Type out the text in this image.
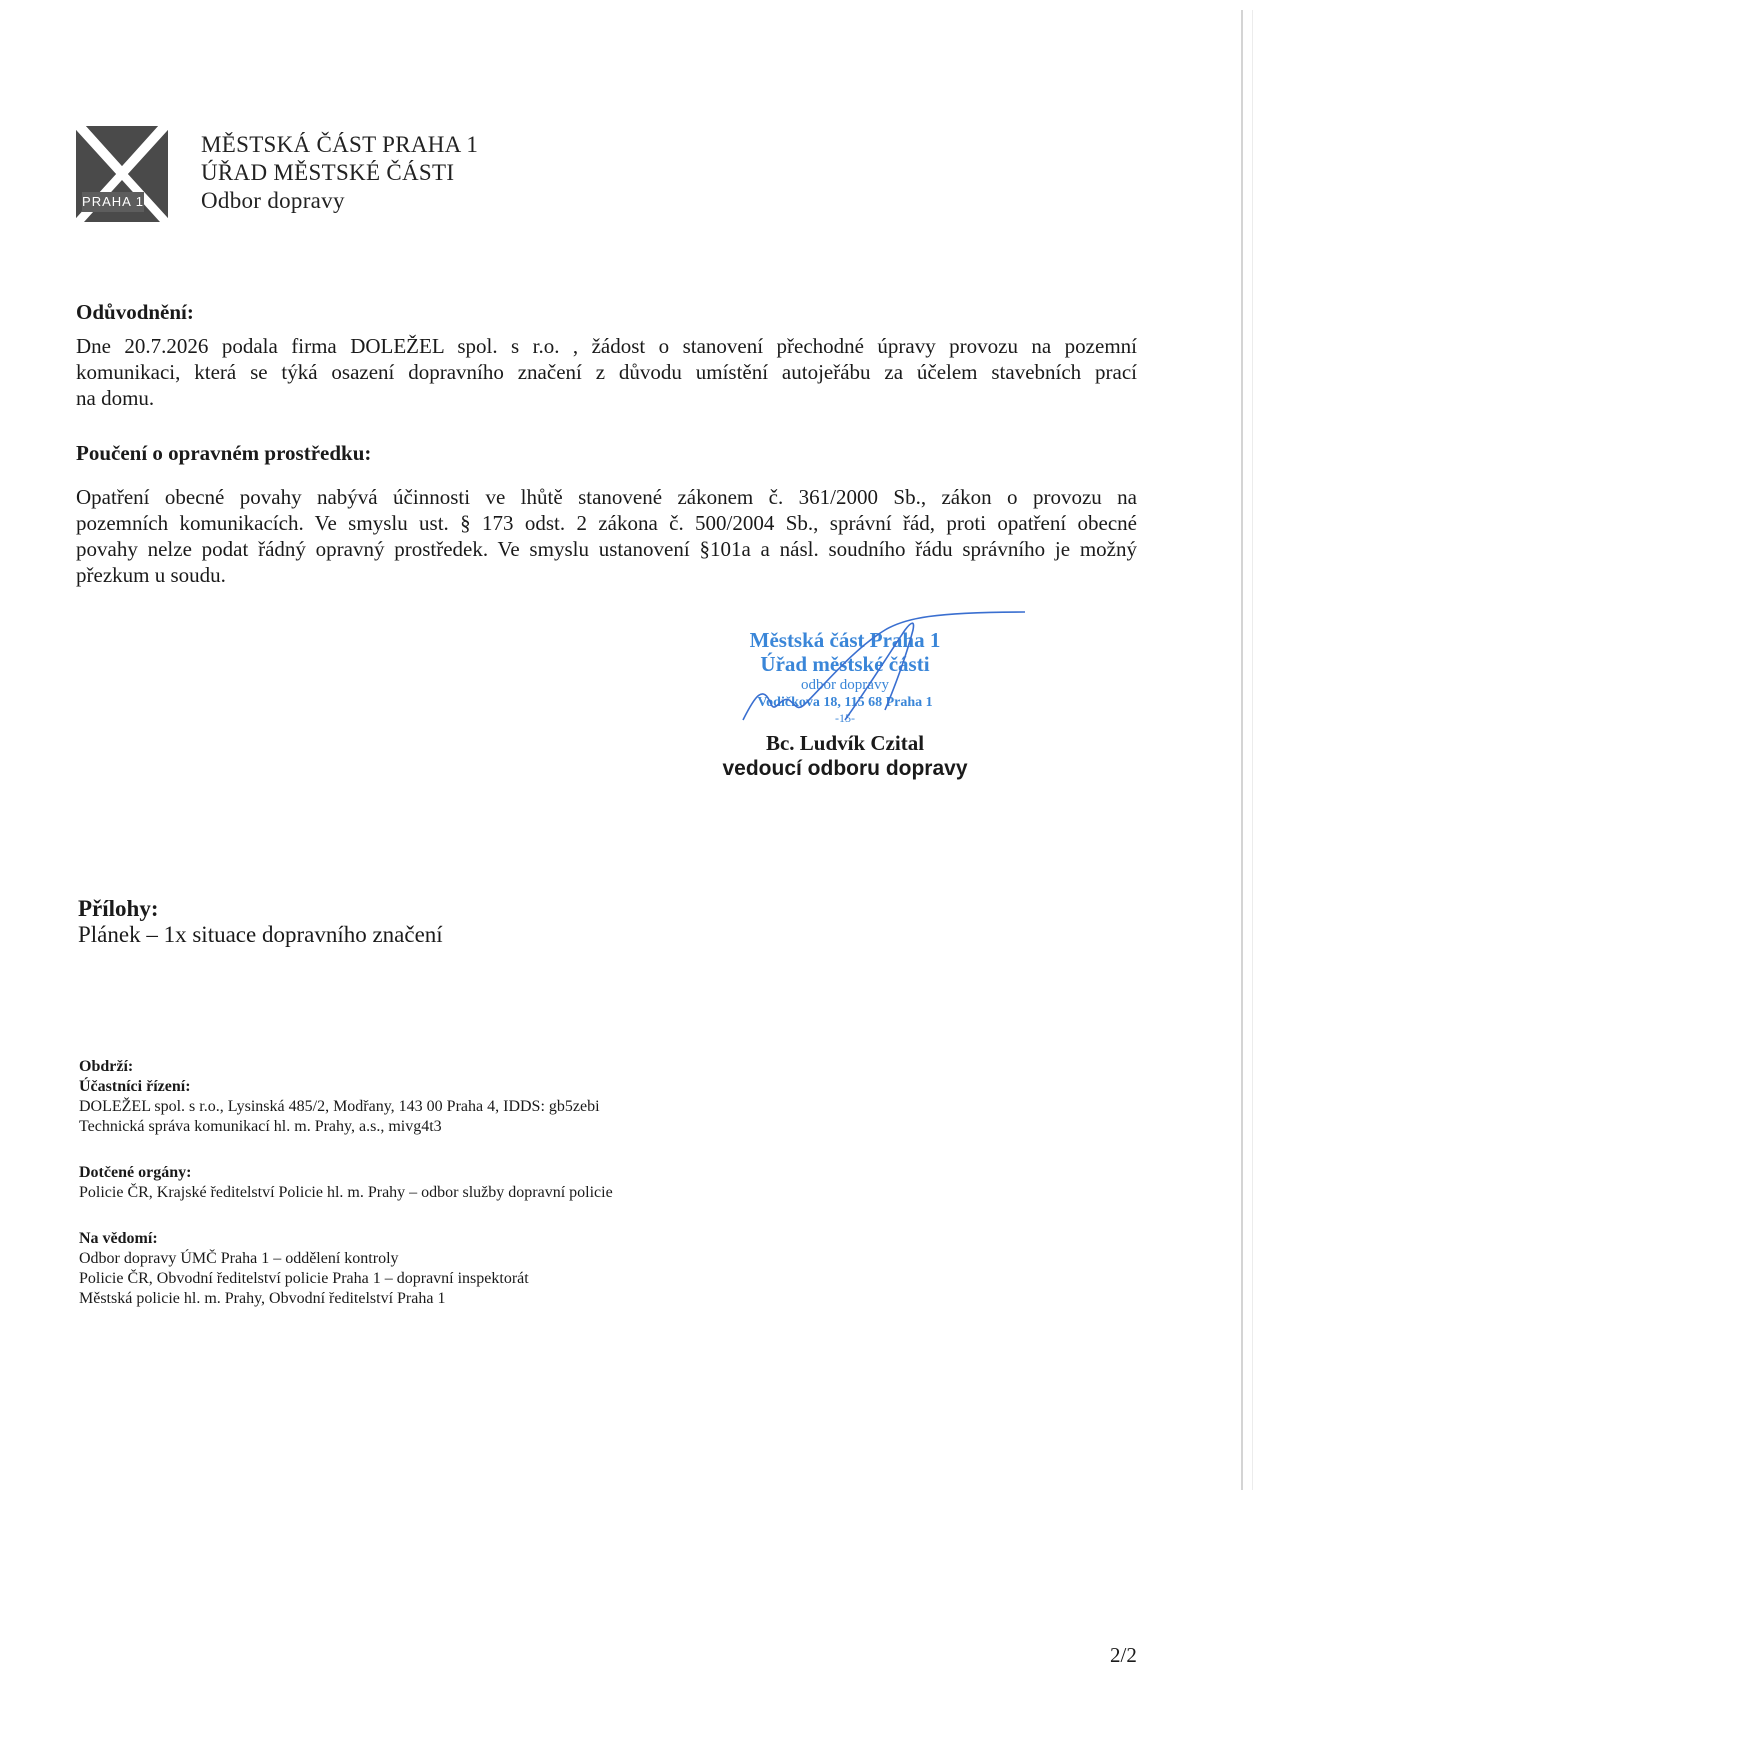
PRAHA 1
MĚSTSKÁ ČÁST PRAHA 1
ÚŘAD MĚSTSKÉ ČÁSTI
Odbor dopravy
Odůvodnění:
Dne 20.7.2026 podala firma DOLEŽEL spol. s r.o. , žádost o stanovení přechodné úpravy provozu na pozemní
komunikaci, která se týká osazení dopravního značení z důvodu umístění autojeřábu za účelem stavebních prací
na domu.
Poučení o opravném prostředku:
Opatření obecné povahy nabývá účinnosti ve lhůtě stanovené zákonem č. 361/2000 Sb., zákon o provozu na
pozemních komunikacích. Ve smyslu ust. § 173 odst. 2 zákona č. 500/2004 Sb., správní řád, proti opatření obecné
povahy nelze podat řádný opravný prostředek. Ve smyslu ustanovení §101a a násl. soudního řádu správního je možný
přezkum u soudu.
Městská část Praha 1
Úřad městské části
odbor dopravy
Vodičkova 18, 115 68 Praha 1
-15-
Bc. Ludvík Czital
vedoucí odboru dopravy
Přílohy:
Plánek – 1x situace dopravního značení
Obdrží:
Účastníci řízení:
DOLEŽEL spol. s r.o., Lysinská 485/2, Modřany, 143 00 Praha 4, IDDS: gb5zebi
Technická správa komunikací hl. m. Prahy, a.s., mivg4t3
Dotčené orgány:
Policie ČR, Krajské ředitelství Policie hl. m. Prahy – odbor služby dopravní policie
Na vědomí:
Odbor dopravy ÚMČ Praha 1 – oddělení kontroly
Policie ČR, Obvodní ředitelství policie Praha 1 – dopravní inspektorát
Městská policie hl. m. Prahy, Obvodní ředitelství Praha 1
2/2
